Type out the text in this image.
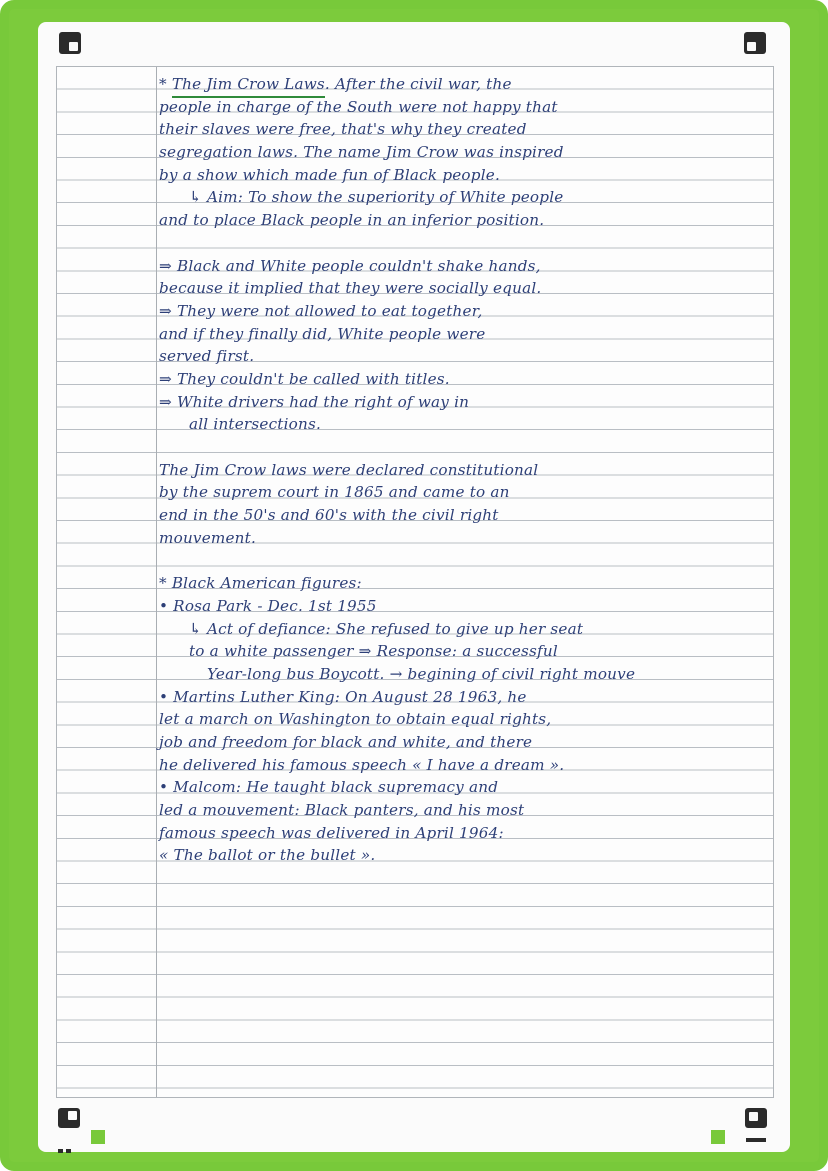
* The Jim Crow Laws. After the civil war, the
people in charge of the South were not happy that
their slaves were free, that's why they created
segregation laws. The name Jim Crow was inspired
by a show which made fun of Black people.
↳ Aim: To show the superiority of White people
and to place Black people in an inferior position.
⇒ Black and White people couldn't shake hands,
because it implied that they were socially equal.
⇒ They were not allowed to eat together,
and if they finally did, White people were
served first.
⇒ They couldn't be called with titles.
⇒ White drivers had the right of way in
all intersections.
The Jim Crow laws were declared constitutional
by the suprem court in 1865 and came to an
end in the 50's and 60's with the civil right
mouvement.
* Black American figures:
• Rosa Park - Dec. 1st 1955
↳ Act of defiance: She refused to give up her seat
to a white passenger ⇒ Response: a successful
Year-long bus Boycott. → begining of civil right mouve
• Martins Luther King: On August 28 1963, he
let a march on Washington to obtain equal rights,
job and freedom for black and white, and there
he delivered his famous speech « I have a dream ».
• Malcom: He taught black supremacy and
led a mouvement: Black panters, and his most
famous speech was delivered in April 1964:
« The ballot or the bullet ».
